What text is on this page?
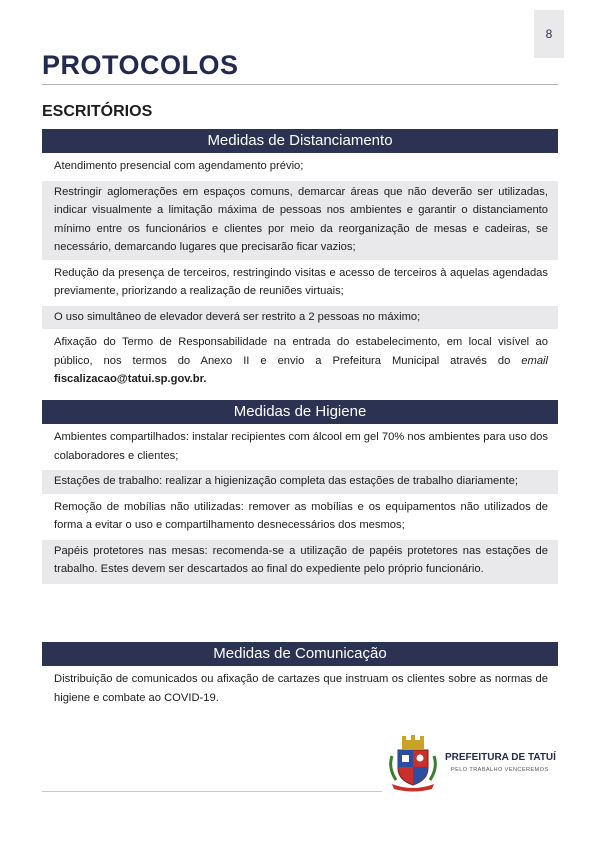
8
PROTOCOLOS
ESCRITÓRIOS
Medidas de Distanciamento
Atendimento presencial com agendamento prévio;
Restringir aglomerações em espaços comuns, demarcar áreas que não deverão ser utilizadas, indicar visualmente a limitação máxima de pessoas nos ambientes e garantir o distanciamento mínimo entre os funcionários e clientes por meio da reorganização de mesas e cadeiras, se necessário, demarcando lugares que precisarão ficar vazios;
Redução da presença de terceiros, restringindo visitas e acesso de terceiros à aquelas agendadas previamente, priorizando a realização de reuniões virtuais;
O uso simultâneo de elevador deverá ser restrito a 2 pessoas no máximo;
Afixação do Termo de Responsabilidade na entrada do estabelecimento, em local visível ao público, nos termos do Anexo II e envio a Prefeitura Municipal através do email fiscalizacao@tatui.sp.gov.br.
Medidas de Higiene
Ambientes compartilhados: instalar recipientes com álcool em gel 70% nos ambientes para uso dos colaboradores e clientes;
Estações de trabalho: realizar a higienização completa das estações de trabalho diariamente;
Remoção de mobílias não utilizadas: remover as mobílias e os equipamentos não utilizados de forma a evitar o uso e compartilhamento desnecessários dos mesmos;
Papéis protetores nas mesas: recomenda-se a utilização de papéis protetores nas estações de trabalho. Estes devem ser descartados ao final do expediente pelo próprio funcionário.
Medidas de Comunicação
Distribuição de comunicados ou afixação de cartazes que instruam os clientes sobre as normas de higiene e combate ao COVID-19.
PREFEITURA DE TATUÍ
PELO TRABALHO VENCEREMOS
